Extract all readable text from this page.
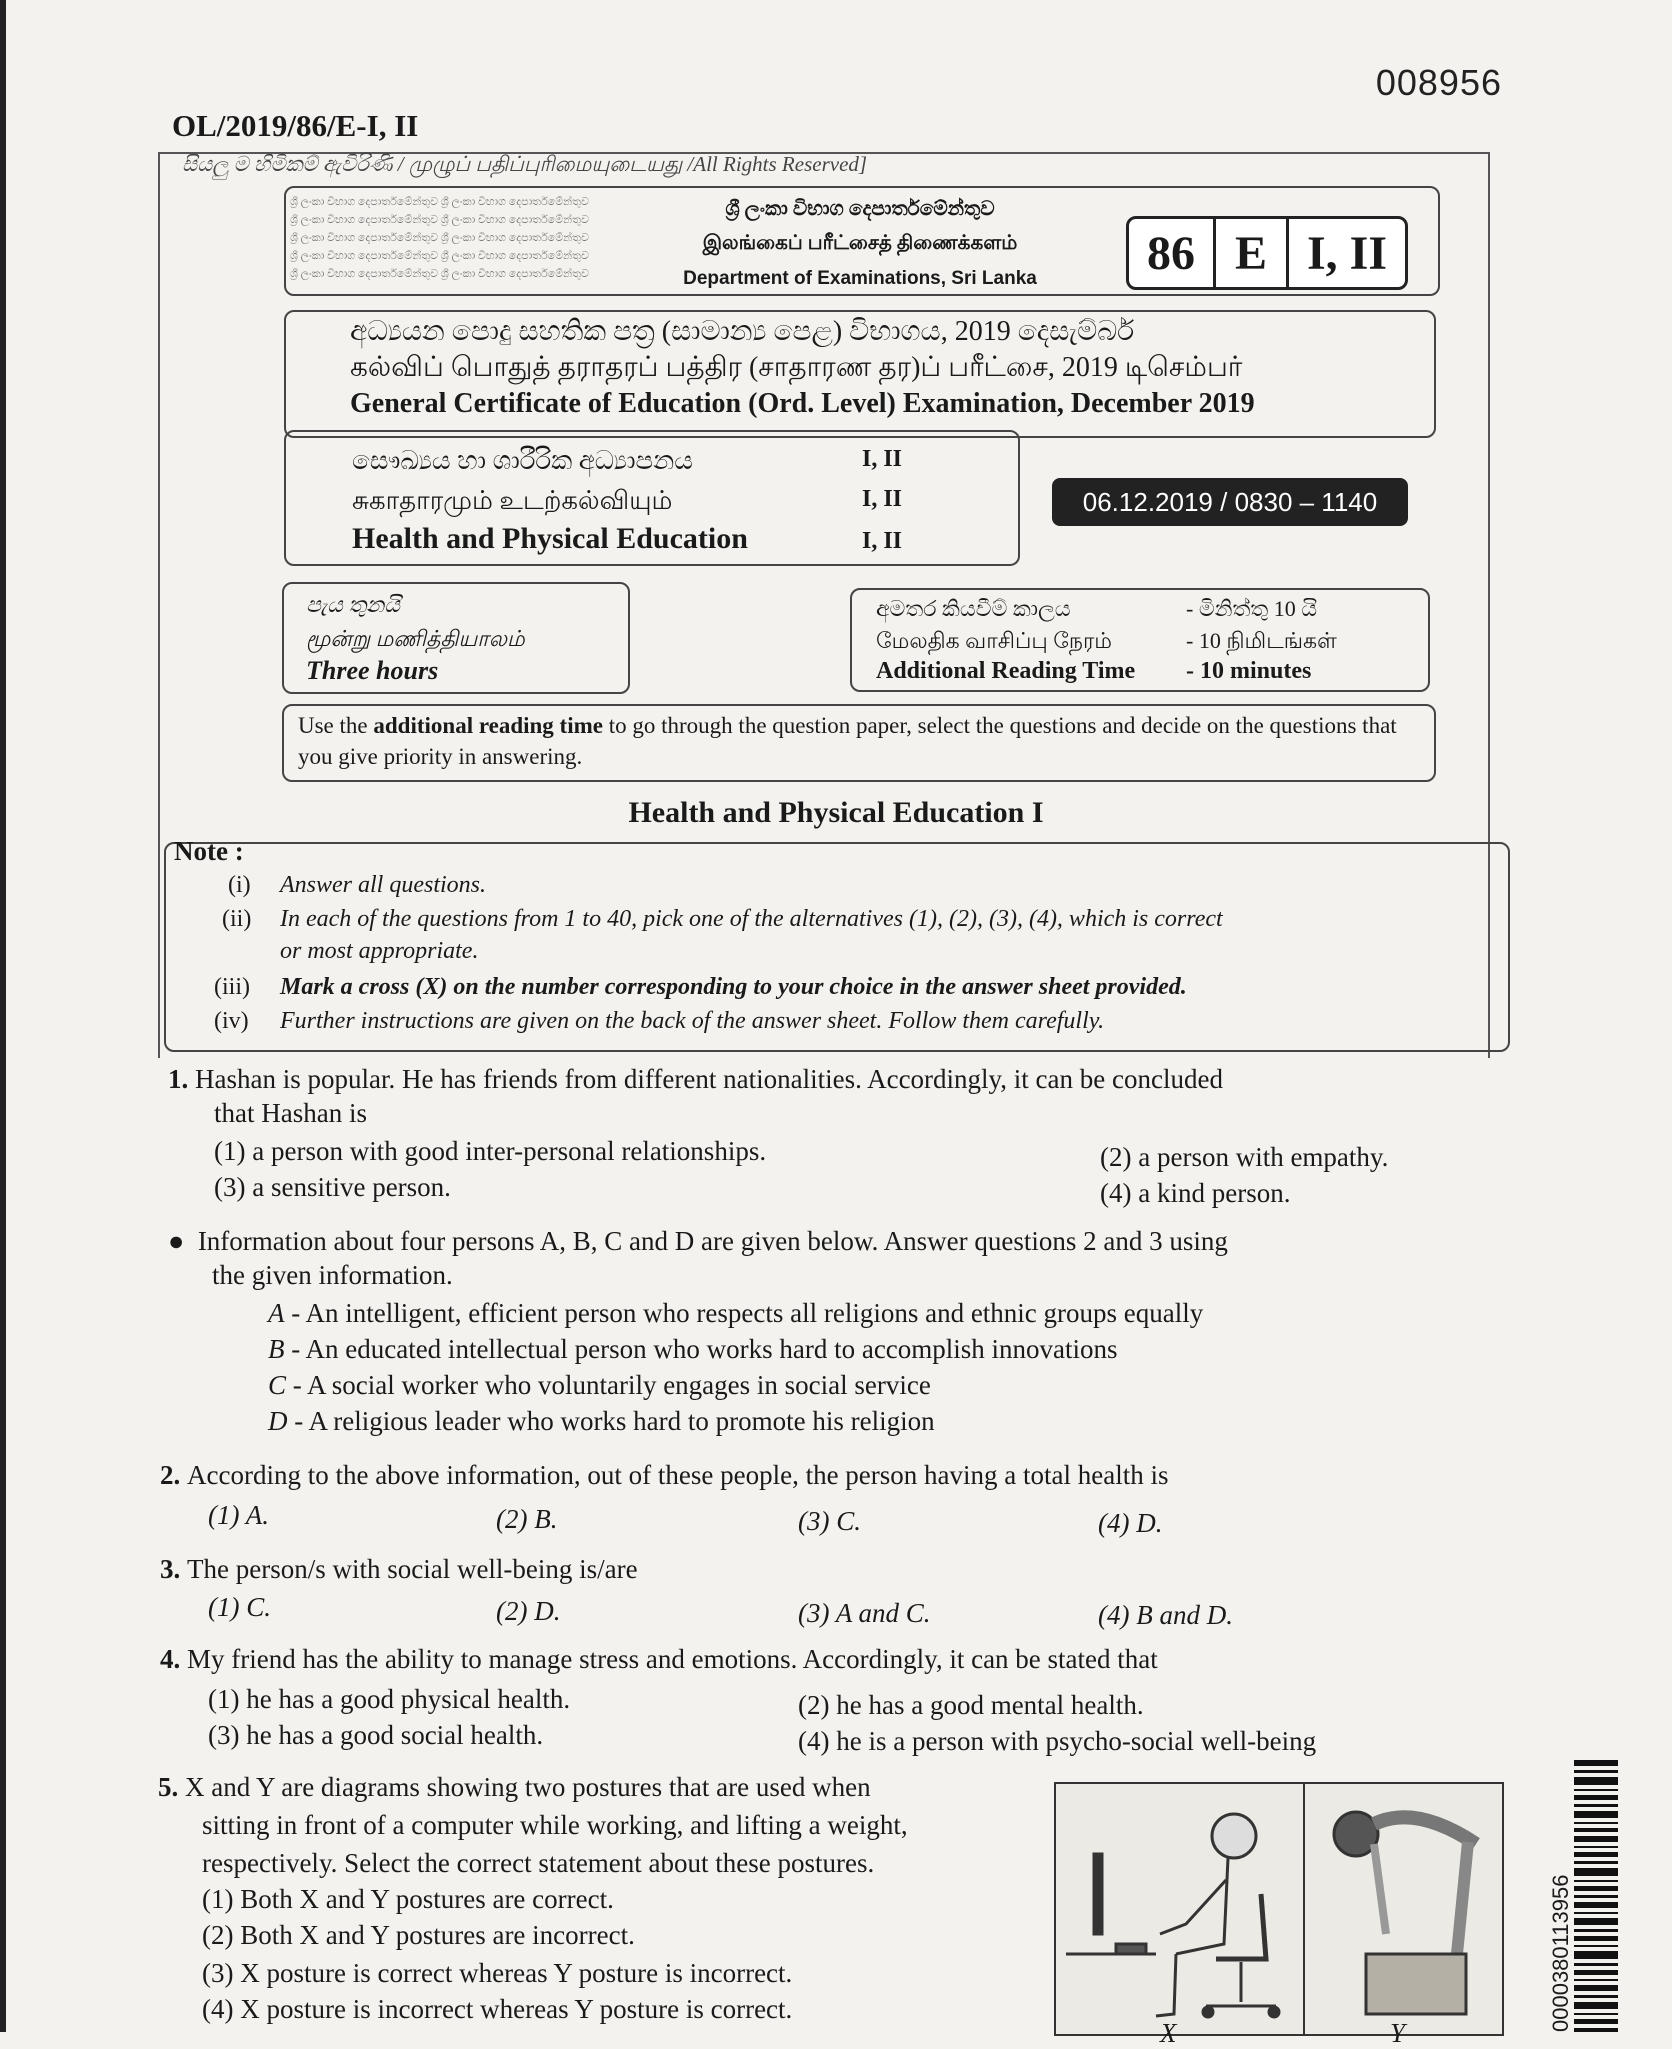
008956
OL/2019/86/E-I, II
සියලු ම හිමිකම් ඇවිරිණි / முழுப் பதிப்புரிமையுடையது /All Rights Reserved]
ශ්‍රී ලංකා විභාග දෙපාර්තමේන්තුව ශ්‍රී ලංකා විභාග දෙපාර්තමේන්තුව
ශ්‍රී ලංකා විභාග දෙපාර්තමේන්තුව ශ්‍රී ලංකා විභාග දෙපාර්තමේන්තුව
ශ්‍රී ලංකා විභාග දෙපාර්තමේන්තුව ශ්‍රී ලංකා විභාග දෙපාර්තමේන්තුව
ශ්‍රී ලංකා විභාග දෙපාර්තමේන්තුව ශ්‍රී ලංකා විභාග දෙපාර්තමේන්තුව
ශ්‍රී ලංකා විභාග දෙපාර්තමේන්තුව ශ්‍රී ලංකා විභාග දෙපාර්තමේන්තුව
ශ්‍රී ලංකා විභාග දෙපාර්තමේන්තුව
இலங்கைப் பரீட்சைத் திணைக்களம்
Department of Examinations, Sri Lanka	86 E I, II
අධ්‍යයන පොදු සහතික පත්‍ර (සාමාන්‍ය පෙළ) විභාගය, 2019 දෙසැම්බර්
கல்விப் பொதுத் தராதரப் பத்திர (சாதாரண தர)ப் பரீட்சை, 2019 டிசெம்பர்
General Certificate of Education (Ord. Level) Examination, December 2019
සෞඛ්‍යය හා ශාරීරික අධ්‍යාපනය	I, II
சுகாதாரமும் உடற்கல்வியும்	I, II
Health and Physical Education	I, II
06.12.2019 / 0830 – 1140
පැය තුනයි
மூன்று மணித்தியாலம்
Three hours
අමතර කියවීම් කාලය	- මිනිත්තු 10 යි
மேலதிக வாசிப்பு நேரம்	- 10 நிமிடங்கள்
Additional Reading Time - 10 minutes
Use the additional reading time to go through the question paper, select the questions and decide on the questions that you give priority in answering.
Health and Physical Education I
Note :
(i) Answer all questions.
(ii) In each of the questions from 1 to 40, pick one of the alternatives (1), (2), (3), (4), which is correct
or most appropriate.
(iii) Mark a cross (X) on the number corresponding to your choice in the answer sheet provided.
(iv) Further instructions are given on the back of the answer sheet. Follow them carefully.
1. Hashan is popular. He has friends from different nationalities. Accordingly, it can be concluded
that Hashan is
(1) a person with good inter-personal relationships.	(2) a person with empathy.
(3) a sensitive person.	(4) a kind person.
● Information about four persons A, B, C and D are given below. Answer questions 2 and 3 using
the given information.
A - An intelligent, efficient person who respects all religions and ethnic groups equally
B - An educated intellectual person who works hard to accomplish innovations
C - A social worker who voluntarily engages in social service
D - A religious leader who works hard to promote his religion
2. According to the above information, out of these people, the person having a total health is
(1) A.	(2) B.	(3) C.	(4) D.
3. The person/s with social well-being is/are
(1) C.	(2) D.	(3) A and C.	(4) B and D.
4. My friend has the ability to manage stress and emotions. Accordingly, it can be stated that
(1) he has a good physical health.	(2) he has a good mental health.
(3) he has a good social health.	(4) he is a person with psycho-social well-being
5. X and Y are diagrams showing two postures that are used when
sitting in front of a computer while working, and lifting a weight,
respectively. Select the correct statement about these postures.
(1) Both X and Y postures are correct.
(2) Both X and Y postures are incorrect.
(3) X posture is correct whereas Y posture is incorrect.
(4) X posture is incorrect whereas Y posture is correct.
X	Y
0000380113956
